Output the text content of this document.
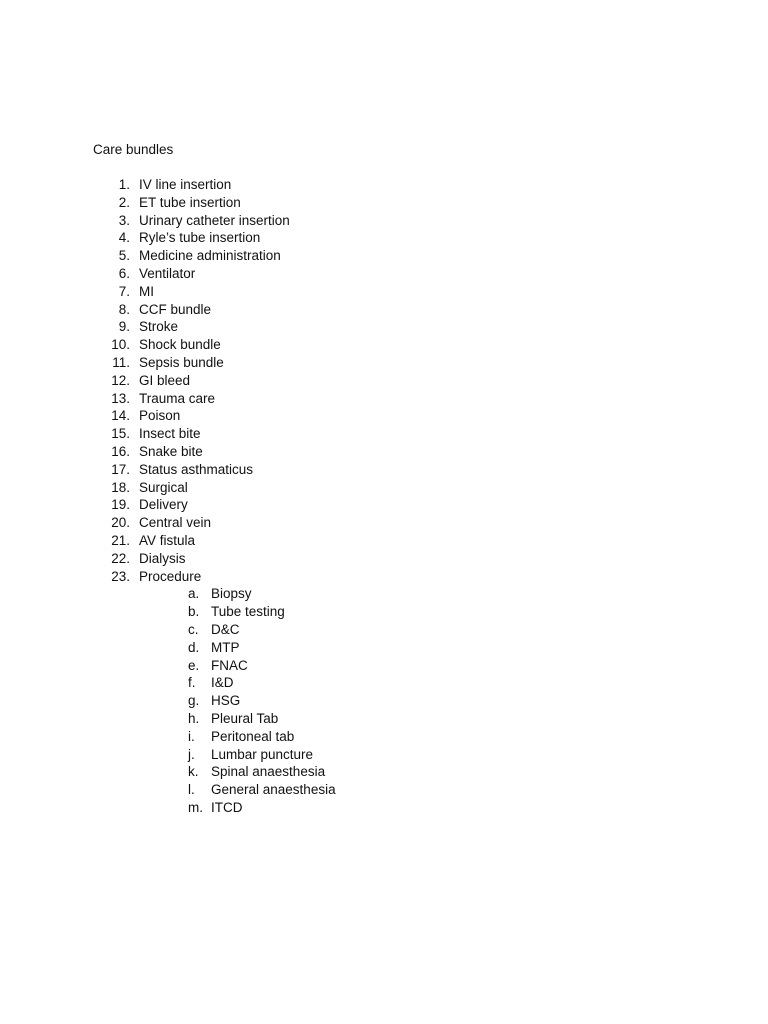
Care bundles
1. IV line insertion
2. ET tube insertion
3. Urinary catheter insertion
4. Ryle’s tube insertion
5. Medicine administration
6. Ventilator
7. MI
8. CCF bundle
9. Stroke
10. Shock bundle
11. Sepsis bundle
12. GI bleed
13. Trauma care
14. Poison
15. Insect bite
16. Snake bite
17. Status asthmaticus
18. Surgical
19. Delivery
20. Central vein
21. AV fistula
22. Dialysis
23. Procedure
a. Biopsy
b. Tube testing
c. D&C
d. MTP
e. FNAC
f. I&D
g. HSG
h. Pleural Tab
i. Peritoneal tab
j. Lumbar puncture
k. Spinal anaesthesia
l. General anaesthesia
m. ITCD
